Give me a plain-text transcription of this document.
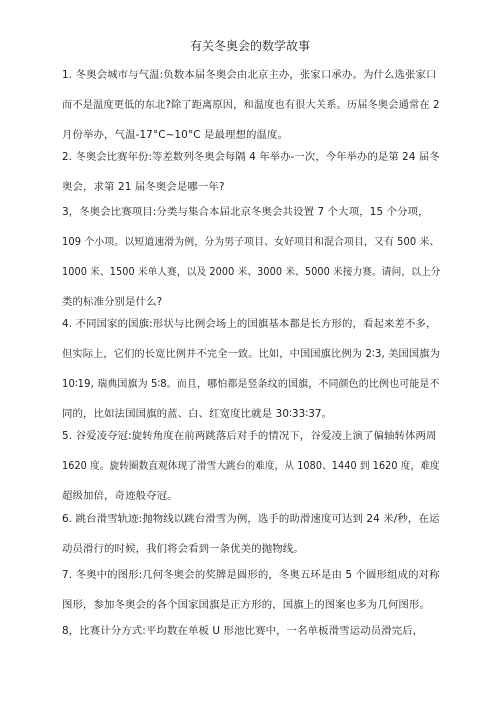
有关冬奥会的数学故事
1. 冬奥会城市与气温:负数本届冬奥会由北京主办，张家口承办。为什么选张家口
而不是温度更低的东北?除了距离原因，和温度也有很大关系。历届冬奥会通常在 2
月份举办，气温-17°C~10°C 是最理想的温度。
2. 冬奥会比赛年份:等差数列冬奥会每隔 4 年举办-一次，今年举办的是第 24 届冬
奥会，求第 21 届冬奥会是哪一年?
3，冬奥会比赛项目:分类与集合本届北京冬奥会共设置 7 个大项，15 个分项，
109 个小项。以短道速滑为例，分为男子项目、女好项目和混合项目，又有 500 米、
1000 米、1500 米单人赛，以及 2000 米、3000 米、5000 米接力赛。请问，以上分
类的标准分别是什么?
4. 不同国家的国旗:形状与比例会场上的国旗基本都是长方形的，看起来差不多，
但实际上，它们的长宽比例并不完全一致。比如，中国国旗比例为 2∶3, 美国国旗为
10∶19, 瑞典国旗为 5∶8。而且，哪怕都是竖条纹的国旗，不同颜色的比例也可能是不
同的，比如法国国旗的蓝、白、红宽度比就是 30∶33∶37。
5. 谷爱凌夺冠:旋转角度在前两跳落后对手的情况下，谷爱凌上演了偏轴转体两周
1620 度。旋转圈数直观体现了滑雪大跳台的难度，从 1080、1440 到 1620 度，难度
超级加倍，奇迹般夺冠。
6. 跳台滑雪轨迹:抛物线以跳台滑雪为例，选手的助滑速度可达到 24 米/秒，在运
动员滑行的时候，我们将会看到一条优美的抛物线。
7. 冬奥中的图形:几何冬奥会的奖牌是圆形的，冬奥五环是由 5 个圆形组成的对称
图形，参加冬奥会的各个国家国旗是正方形的，国旗上的图案也多为几何图形。
8，比赛计分方式:平均数在单板 U 形池比赛中，一名单板滑雪运动员滑完后，
